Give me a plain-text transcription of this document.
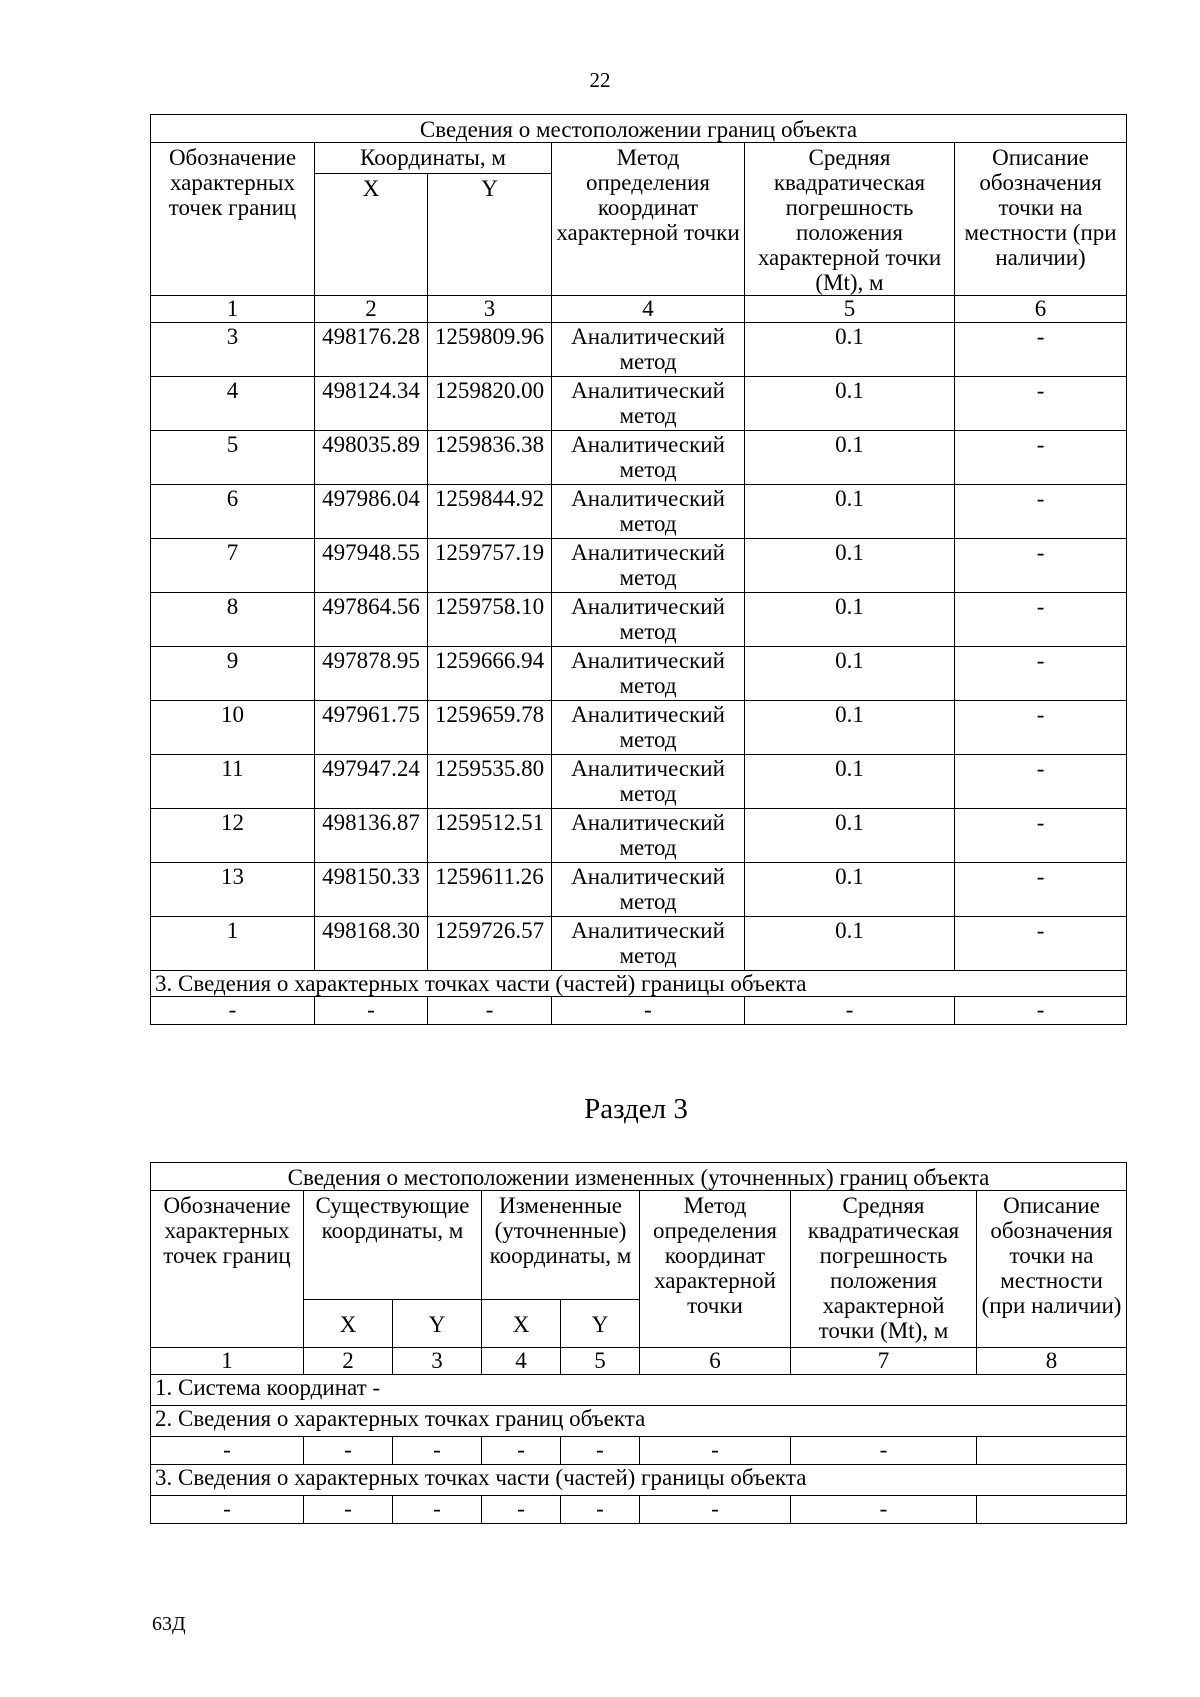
22
Сведения о местоположении границ объекта					
Обозначение характерных точек границ	Координаты, м		Метод определения координат характерной точки	Средняя квадратическая погрешность положения характерной точки (Mt), м	Описание обозначения точки на местности (при наличии)
	X	Y			
1	2	3	4	5	6
3	498176.28	1259809.96	Аналитический метод	0.1	-
4	498124.34	1259820.00	Аналитический метод	0.1	-
5	498035.89	1259836.38	Аналитический метод	0.1	-
6	497986.04	1259844.92	Аналитический метод	0.1	-
7	497948.55	1259757.19	Аналитический метод	0.1	-
8	497864.56	1259758.10	Аналитический метод	0.1	-
9	497878.95	1259666.94	Аналитический метод	0.1	-
10	497961.75	1259659.78	Аналитический метод	0.1	-
11	497947.24	1259535.80	Аналитический метод	0.1	-
12	498136.87	1259512.51	Аналитический метод	0.1	-
13	498150.33	1259611.26	Аналитический метод	0.1	-
1	498168.30	1259726.57	Аналитический метод	0.1	-
3. Сведения о характерных точках части (частей) границы объекта					
-	-	-	-	-	-
Раздел 3
Сведения о местоположении измененных (уточненных) границ объекта							
Обозначение характерных точек границ	Существующие координаты, м		Измененные (уточненные) координаты, м		Метод определения координат характерной точки	Средняя квадратическая погрешность положения характерной точки (Mt), м	Описание обозначения точки на местности (при наличии)
	X	Y	X	Y			
1	2	3	4	5	6	7	8
1. Система координат -							
2. Сведения о характерных точках границ объекта							
-	-	-	-	-	-	-	
3. Сведения о характерных точках части (частей) границы объекта							
-	-	-	-	-	-	-	
63Д
